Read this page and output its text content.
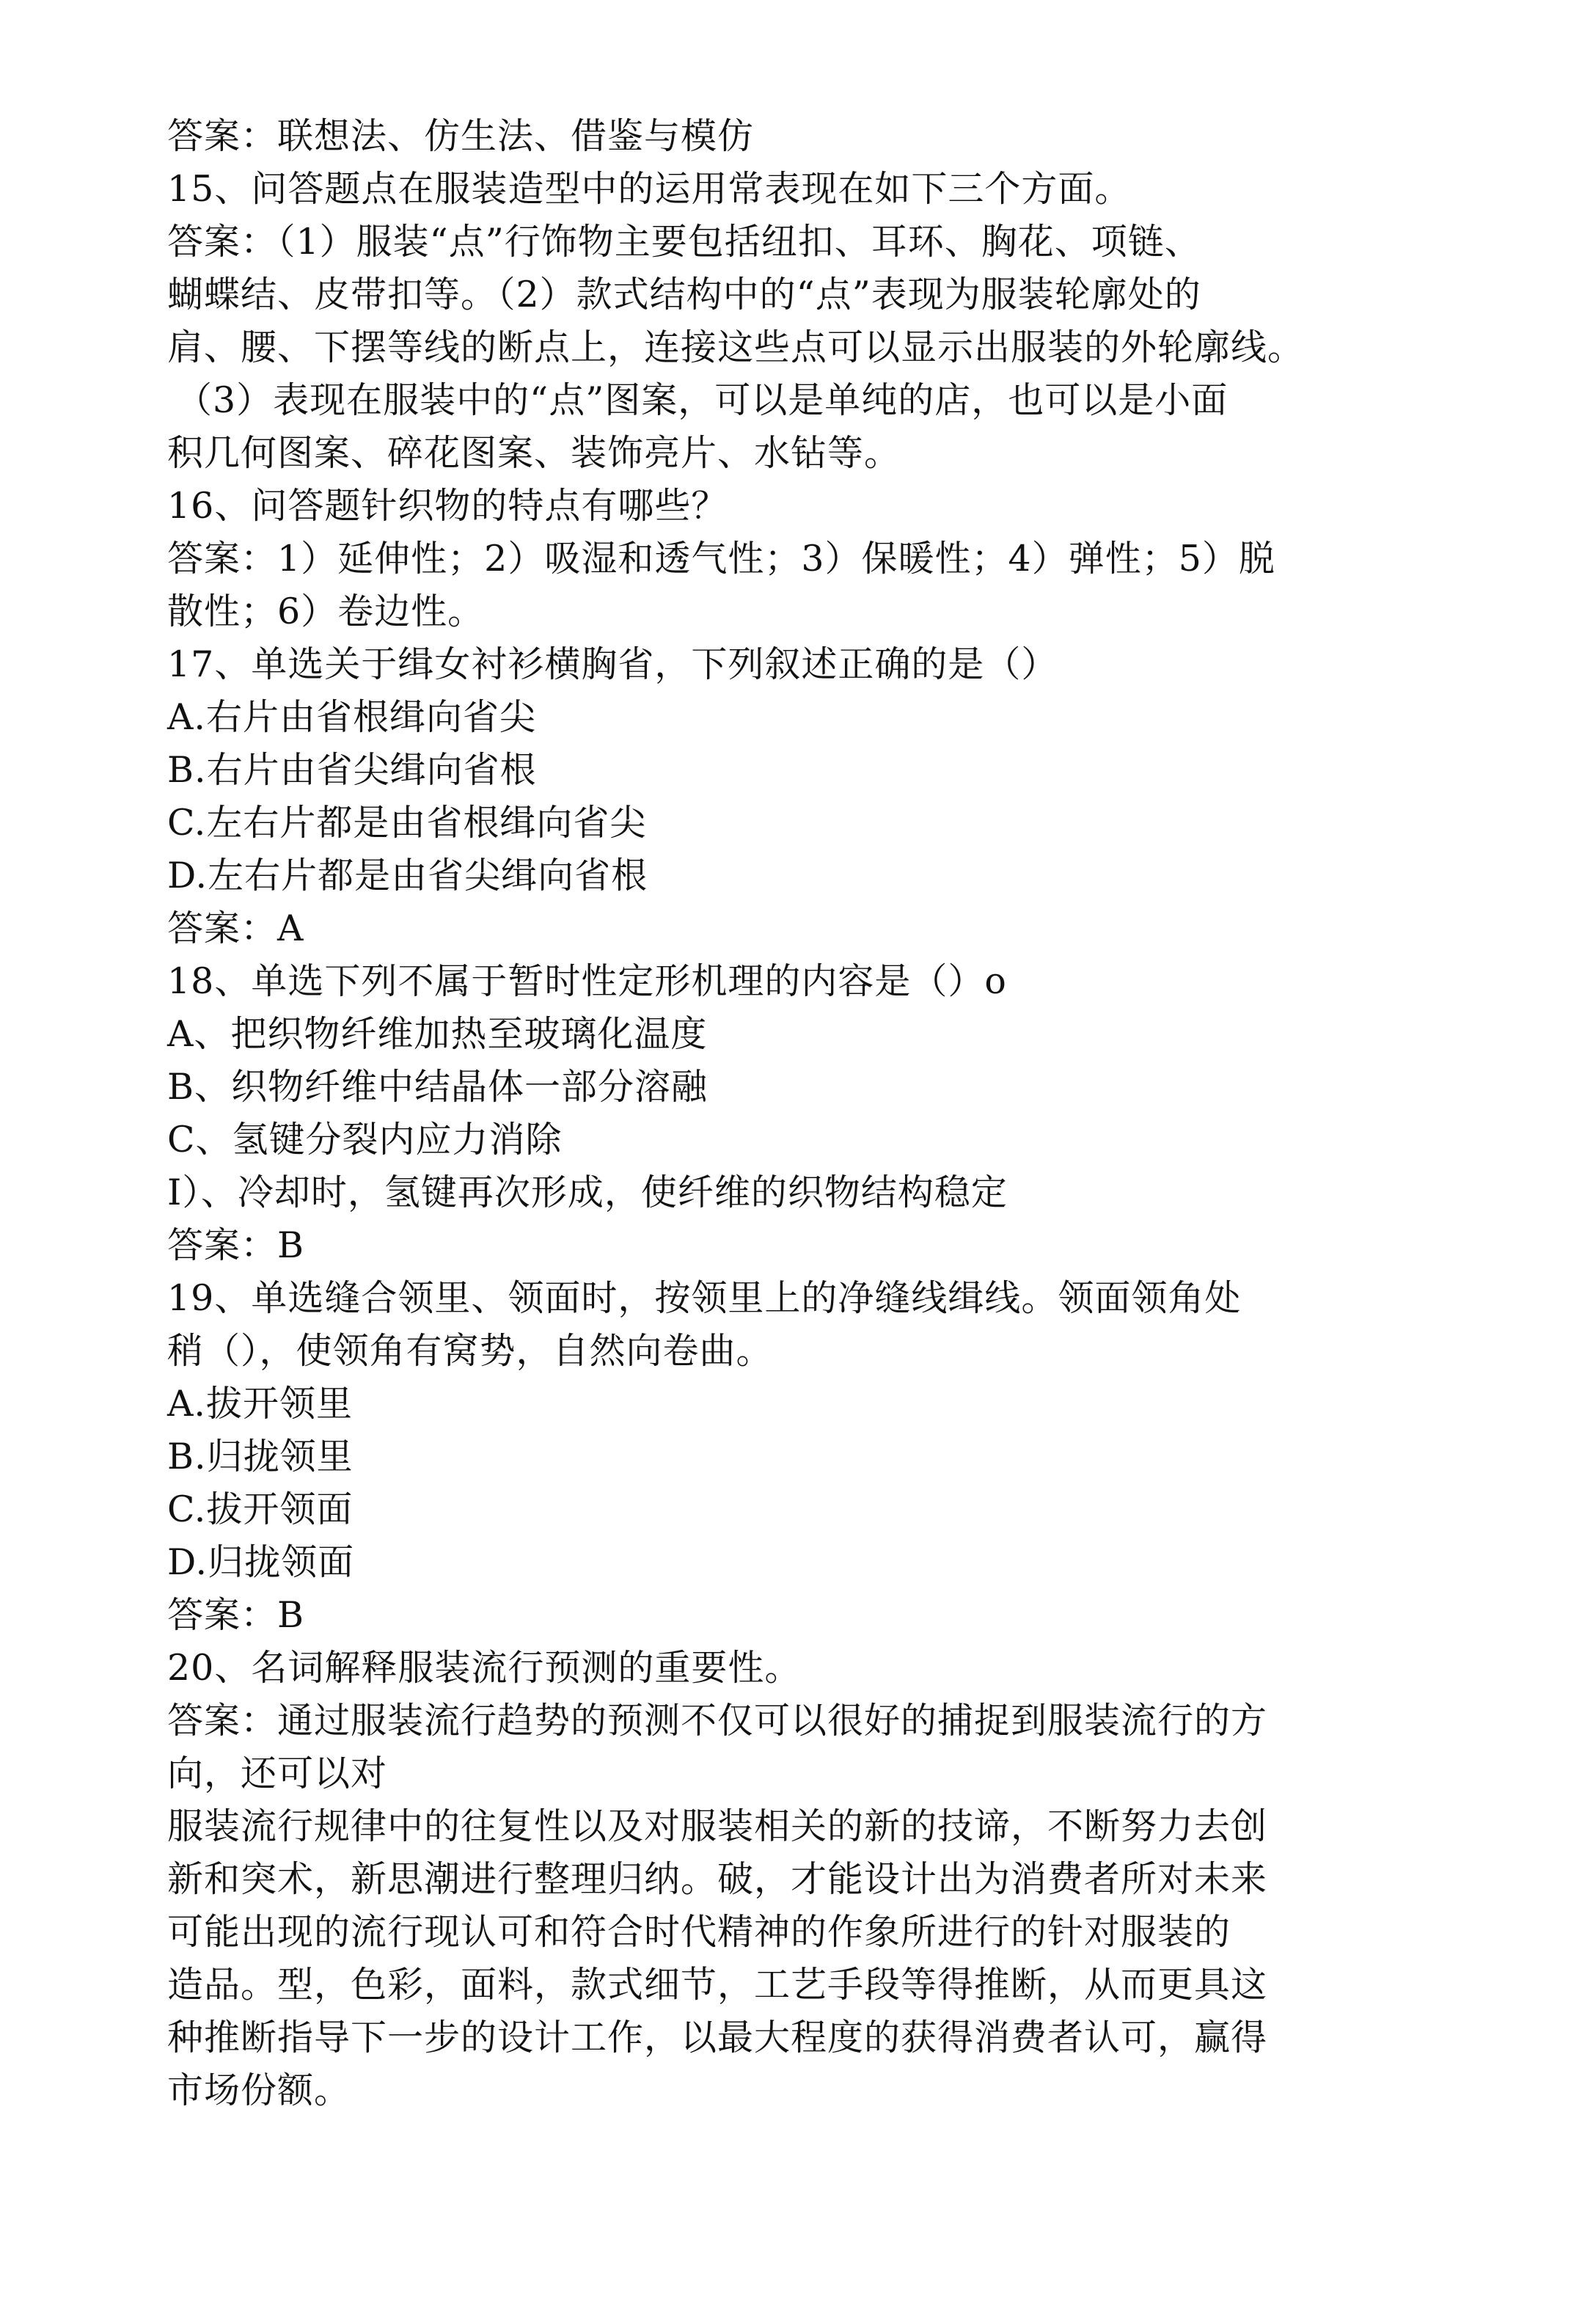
答案：联想法、仿生法、借鉴与模仿
15、问答题点在服装造型中的运用常表现在如下三个方面。
答案：（1）服装“点”行饰物主要包括纽扣、耳环、胸花、项链、
蝴蝶结、皮带扣等。（2）款式结构中的“点”表现为服装轮廓处的
肩、腰、下摆等线的断点上，连接这些点可以显示出服装的外轮廓线。
（3）表现在服装中的“点”图案，可以是单纯的店，也可以是小面
积几何图案、碎花图案、装饰亮片、水钻等。
16、问答题针织物的特点有哪些？
答案：1）延伸性；2）吸湿和透气性；3）保暖性；4）弹性；5）脱
散性；6）卷边性。
17、单选关于缉女衬衫横胸省，下列叙述正确的是（）
A.右片由省根缉向省尖
B.右片由省尖缉向省根
C.左右片都是由省根缉向省尖
D.左右片都是由省尖缉向省根
答案：A
18、单选下列不属于暂时性定形机理的内容是（）o
A、把织物纤维加热至玻璃化温度
B、织物纤维中结晶体一部分溶融
C、氢键分裂内应力消除
I）、冷却时，氢键再次形成，使纤维的织物结构稳定
答案：B
19、单选缝合领里、领面时，按领里上的净缝线缉线。领面领角处
稍（），使领角有窝势，自然向卷曲。
A.拔开领里
B.归拢领里
C.拔开领面
D.归拢领面
答案：B
20、名词解释服装流行预测的重要性。
答案：通过服装流行趋势的预测不仅可以很好的捕捉到服装流行的方
向，还可以对
服装流行规律中的往复性以及对服装相关的新的技谛，不断努力去创
新和突术，新思潮进行整理归纳。破，才能设计出为消费者所对未来
可能出现的流行现认可和符合时代精神的作象所进行的针对服装的
造品。型，色彩，面料，款式细节，工艺手段等得推断，从而更具这
种推断指导下一步的设计工作，以最大程度的获得消费者认可，赢得
市场份额。
